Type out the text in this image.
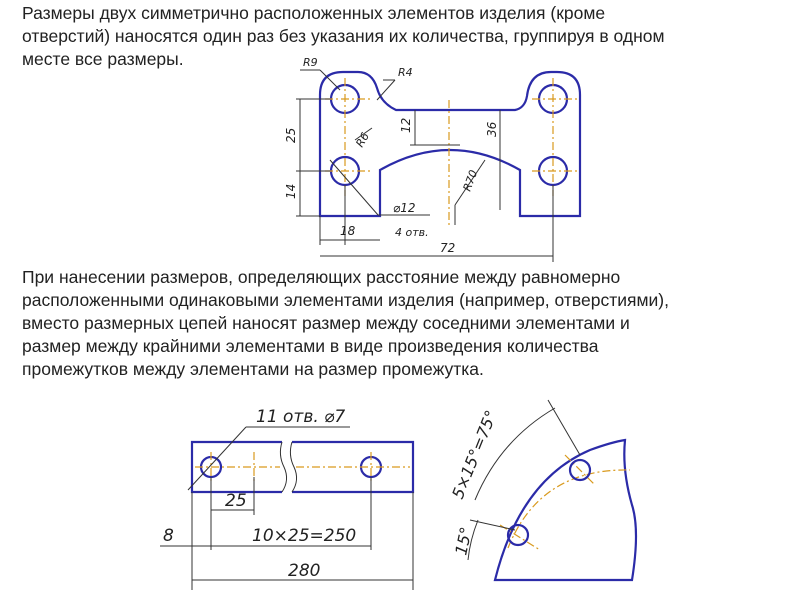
Размеры двух симметрично расположенных элементов изделия (кроме
отверстий) наносятся один раз без указания их количества, группируя в одном
месте все размеры.
При нанесении размеров, определяющих расстояние между равномерно
расположенными одинаковыми элементами изделия (например, отверстиями),
вместо размерных цепей наносят размер между соседними элементами и
размер между крайними элементами в виде произведения количества
промежутков между элементами на размер промежутка.
R9
R4
R6
R70
25
14
12	36
18
72
⌀12
4 отв.
11 отв. ⌀7
25
8	10×25=250
280
5×15°=75°
15°
